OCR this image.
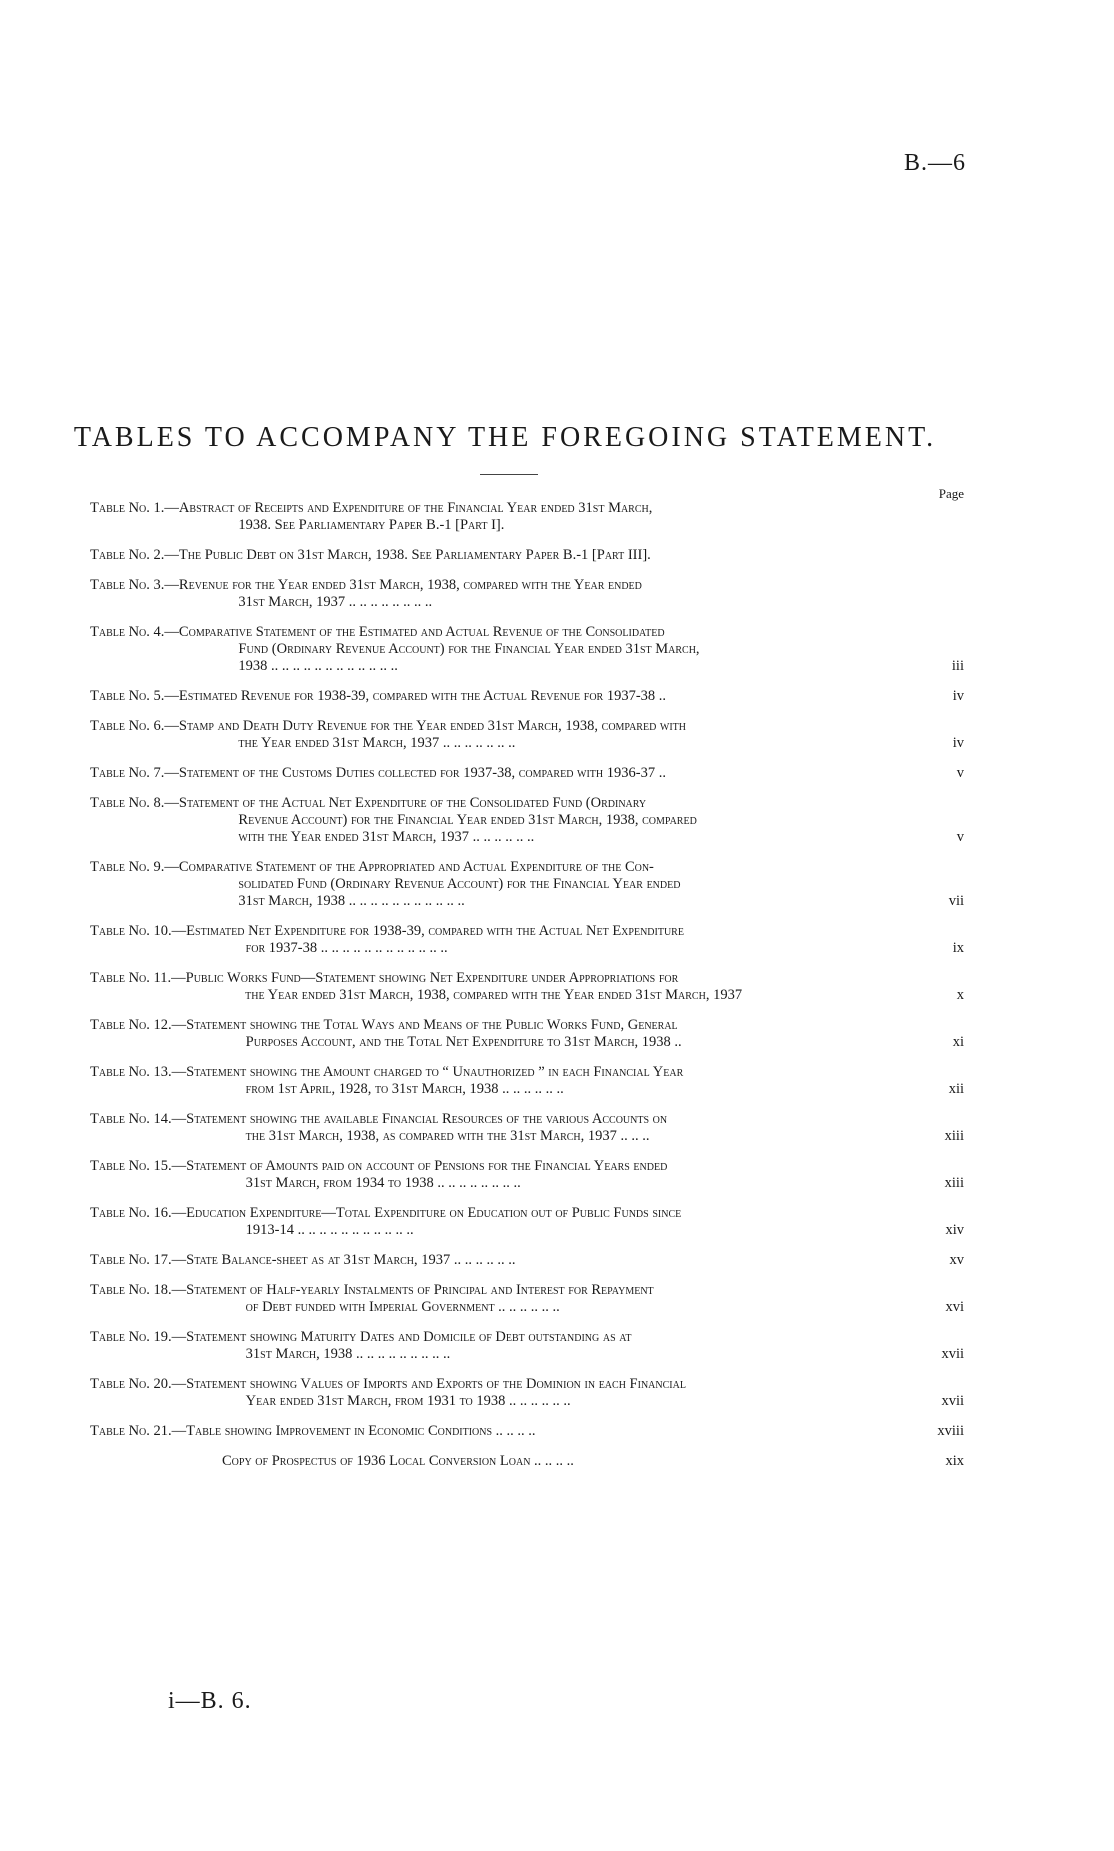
B.—6
TABLES TO ACCOMPANY THE FOREGOING STATEMENT.
Page
Table No. 1. —Abstract of Receipts and Expenditure of the Financial Year ended 31st March,
1938. See Parliamentary Paper B.-1 [Part I].
Table No. 2. —The Public Debt on 31st March, 1938. See Parliamentary Paper B.-1 [Part III].
Table No. 3. —Revenue for the Year ended 31st March, 1938, compared with the Year ended
31st March, 1937 .. .. .. .. .. .. .. ..
Table No. 4. —Comparative Statement of the Estimated and Actual Revenue of the Consolidated
Fund (Ordinary Revenue Account) for the Financial Year ended 31st March,
1938 .. .. .. .. .. .. .. .. .. .. .. ..	iii
Table No. 5. —Estimated Revenue for 1938-39, compared with the Actual Revenue for 1937-38 ..	iv
Table No. 6. —Stamp and Death Duty Revenue for the Year ended 31st March, 1938, compared with
the Year ended 31st March, 1937 .. .. .. .. .. .. ..	iv
Table No. 7. —Statement of the Customs Duties collected for 1937-38, compared with 1936-37 ..	v
Table No. 8. —Statement of the Actual Net Expenditure of the Consolidated Fund (Ordinary
Revenue Account) for the Financial Year ended 31st March, 1938, compared
with the Year ended 31st March, 1937 .. .. .. .. .. ..	v
Table No. 9. —Comparative Statement of the Appropriated and Actual Expenditure of the Con-
solidated Fund (Ordinary Revenue Account) for the Financial Year ended
31st March, 1938 .. .. .. .. .. .. .. .. .. .. ..	vii
Table No. 10. —Estimated Net Expenditure for 1938-39, compared with the Actual Net Expenditure
for 1937-38 .. .. .. .. .. .. .. .. .. .. .. ..	ix
Table No. 11. —Public Works Fund—Statement showing Net Expenditure under Appropriations for
the Year ended 31st March, 1938, compared with the Year ended 31st March, 1937	x
Table No. 12. —Statement showing the Total Ways and Means of the Public Works Fund, General
Purposes Account, and the Total Net Expenditure to 31st March, 1938 ..	xi
Table No. 13. —Statement showing the Amount charged to “ Unauthorized ” in each Financial Year
from 1st April, 1928, to 31st March, 1938 .. .. .. .. .. ..	xii
Table No. 14. —Statement showing the available Financial Resources of the various Accounts on
the 31st March, 1938, as compared with the 31st March, 1937 .. .. ..	xiii
Table No. 15. —Statement of Amounts paid on account of Pensions for the Financial Years ended
31st March, from 1934 to 1938 .. .. .. .. .. .. .. ..	xiii
Table No. 16. —Education Expenditure—Total Expenditure on Education out of Public Funds since
1913-14 .. .. .. .. .. .. .. .. .. .. ..	xiv
Table No. 17. —State Balance-sheet as at 31st March, 1937 .. .. .. .. .. ..	xv
Table No. 18. —Statement of Half-yearly Instalments of Principal and Interest for Repayment
of Debt funded with Imperial Government .. .. .. .. .. ..	xvi
Table No. 19. —Statement showing Maturity Dates and Domicile of Debt outstanding as at
31st March, 1938 .. .. .. .. .. .. .. .. ..	xvii
Table No. 20. —Statement showing Values of Imports and Exports of the Dominion in each Financial
Year ended 31st March, from 1931 to 1938 .. .. .. .. .. ..	xvii
Table No. 21. —Table showing Improvement in Economic Conditions .. .. .. ..	xviii
Copy of Prospectus of 1936 Local Conversion Loan .. .. .. ..	xix
i—B. 6.
